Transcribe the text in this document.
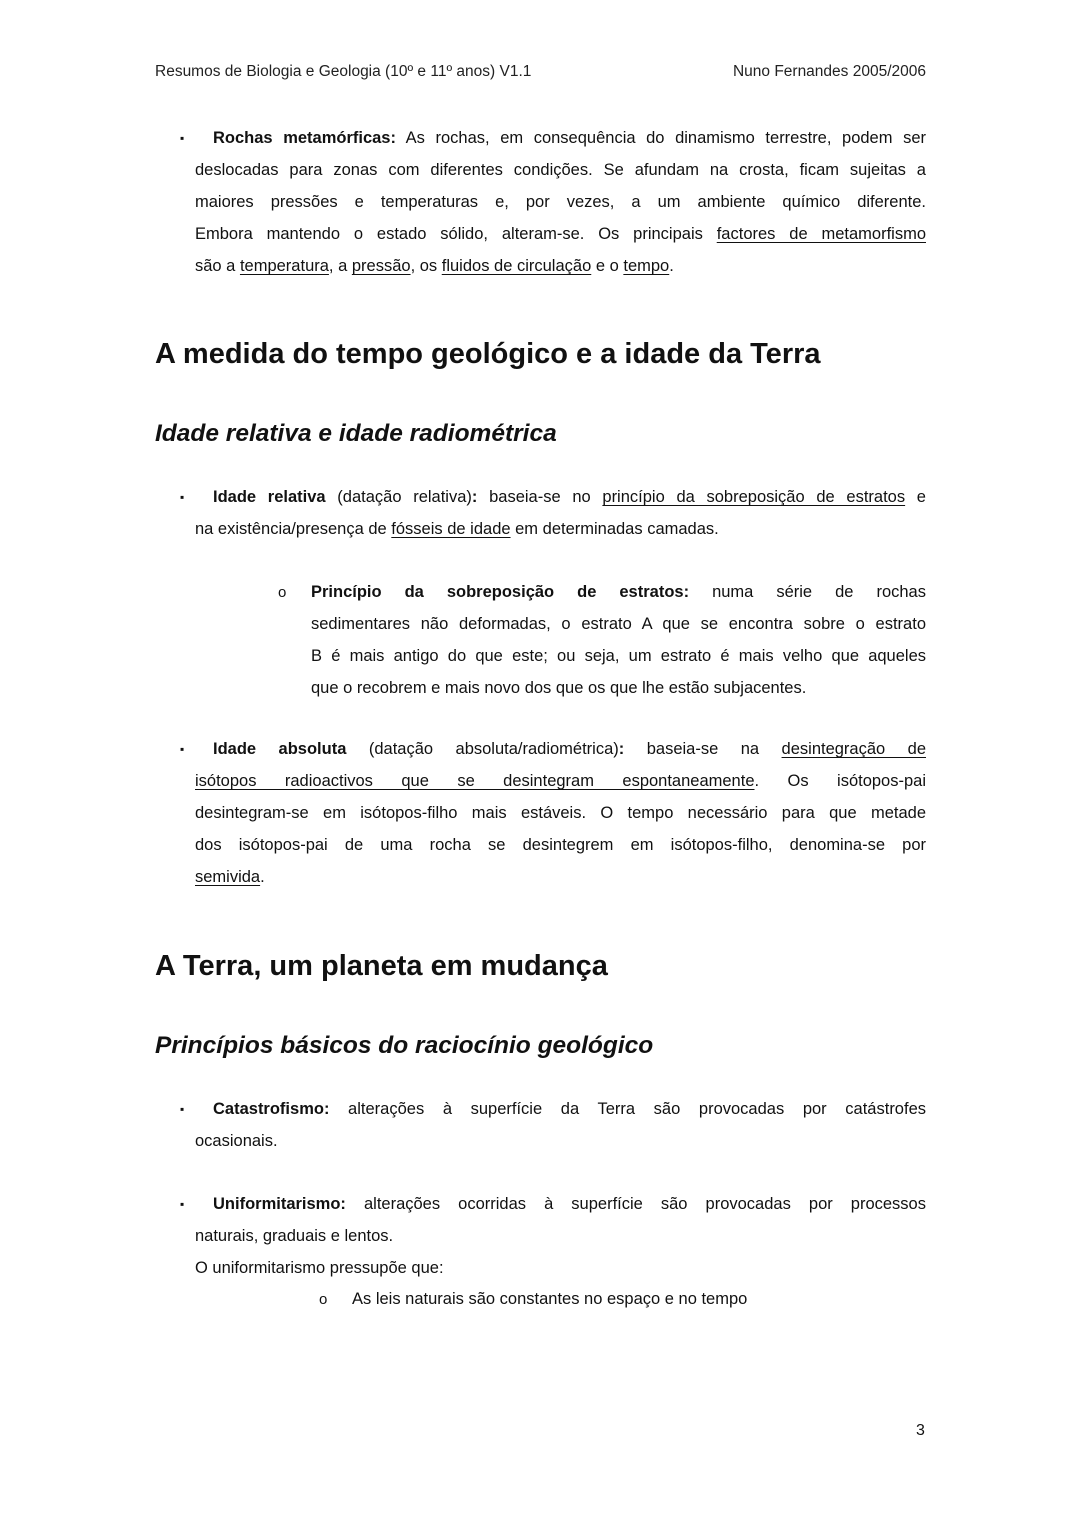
Resumos de Biologia e Geologia (10º e 11º anos) V1.1	Nuno Fernandes 2005/2006
▪	Rochas metamórficas: As rochas, em consequência do dinamismo terrestre, podem ser
deslocadas para zonas com diferentes condições. Se afundam na crosta, ficam sujeitas a
maiores pressões e temperaturas e, por vezes, a um ambiente químico diferente.
Embora mantendo o estado sólido, alteram-se. Os principais factores de metamorfismo
são a temperatura, a pressão, os fluidos de circulação e o tempo.
A medida do tempo geológico e a idade da Terra
Idade relativa e idade radiométrica
▪	Idade relativa (datação relativa): baseia-se no princípio da sobreposição de estratos e
na existência/presença de fósseis de idade em determinadas camadas.
o Princípio da sobreposição de estratos: numa série de rochas
sedimentares não deformadas, o estrato A que se encontra sobre o estrato
B é mais antigo do que este; ou seja, um estrato é mais velho que aqueles
que o recobrem e mais novo dos que os que lhe estão subjacentes.
▪	Idade absoluta (datação absoluta/radiométrica): baseia-se na desintegração de
isótopos radioactivos que se desintegram espontaneamente. Os isótopos-pai
desintegram-se em isótopos-filho mais estáveis. O tempo necessário para que metade
dos isótopos-pai de uma rocha se desintegrem em isótopos-filho, denomina-se por
semivida.
A Terra, um planeta em mudança
Princípios básicos do raciocínio geológico
▪	Catastrofismo: alterações à superfície da Terra são provocadas por catástrofes
ocasionais.
▪	Uniformitarismo: alterações ocorridas à superfície são provocadas por processos
naturais, graduais e lentos.
O uniformitarismo pressupõe que:
o As leis naturais são constantes no espaço e no tempo
3
